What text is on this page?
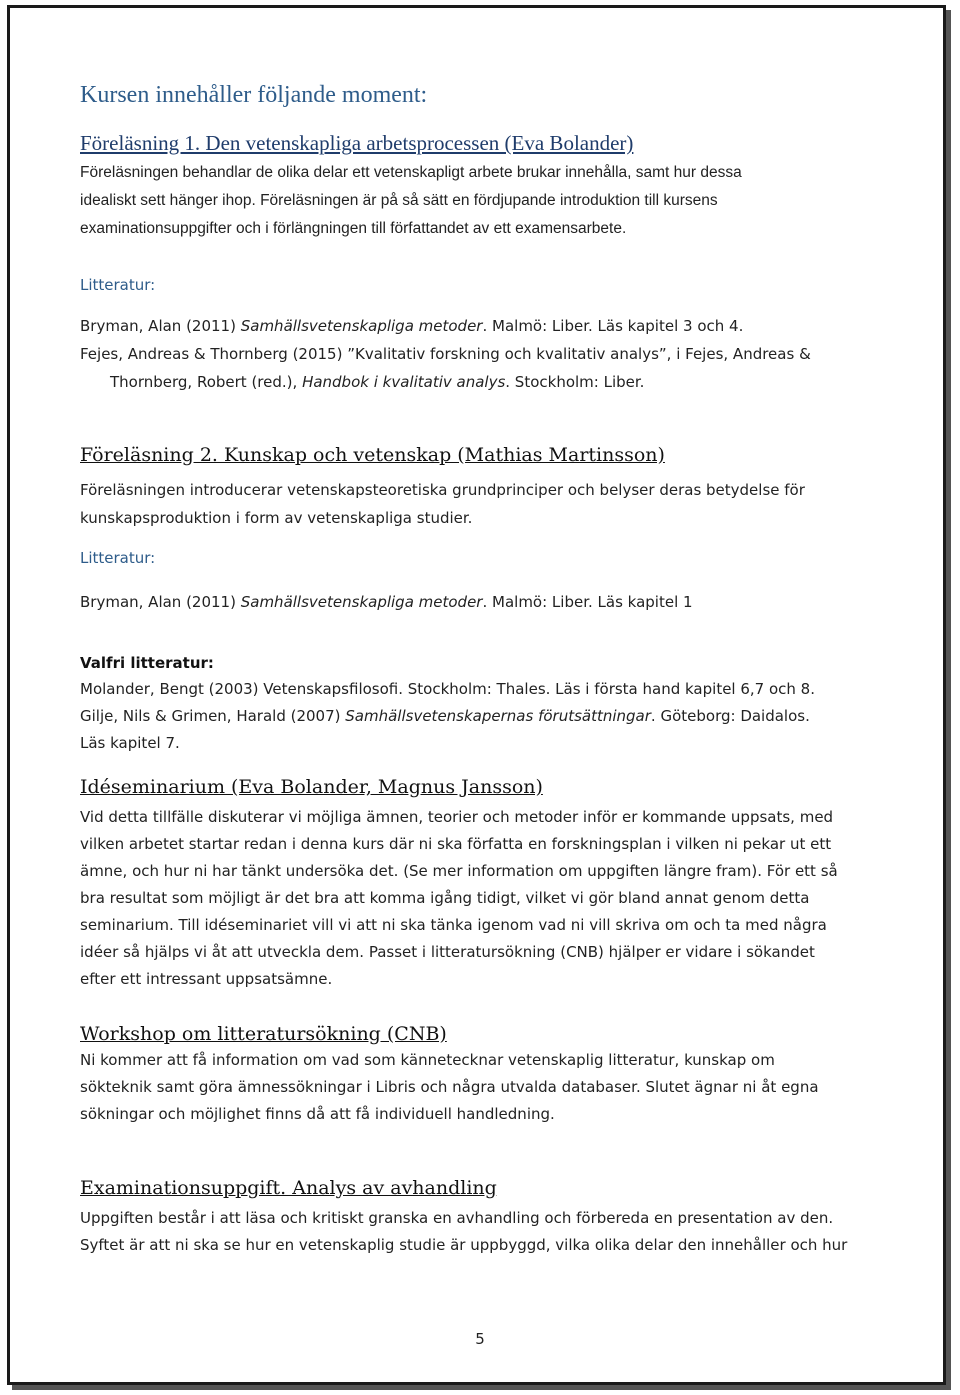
Kursen innehåller följande moment:
Föreläsning 1. Den vetenskapliga arbetsprocessen (Eva Bolander)
Föreläsningen behandlar de olika delar ett vetenskapligt arbete brukar innehålla, samt hur dessa
idealiskt sett hänger ihop. Föreläsningen är på så sätt en fördjupande introduktion till kursens
examinationsuppgifter och i förlängningen till författandet av ett examensarbete.
Litteratur:
Bryman, Alan (2011) Samhällsvetenskapliga metoder. Malmö: Liber. Läs kapitel 3 och 4.
Fejes, Andreas & Thornberg (2015) ”Kvalitativ forskning och kvalitativ analys”, i Fejes, Andreas &
Thornberg, Robert (red.), Handbok i kvalitativ analys. Stockholm: Liber.
Föreläsning 2. Kunskap och vetenskap (Mathias Martinsson)
Föreläsningen introducerar vetenskapsteoretiska grundprinciper och belyser deras betydelse för
kunskapsproduktion i form av vetenskapliga studier.
Litteratur:
Bryman, Alan (2011) Samhällsvetenskapliga metoder. Malmö: Liber. Läs kapitel 1
Valfri litteratur:
Molander, Bengt (2003) Vetenskapsfilosofi. Stockholm: Thales. Läs i första hand kapitel 6,7 och 8.
Gilje, Nils & Grimen, Harald (2007) Samhällsvetenskapernas förutsättningar. Göteborg: Daidalos.
Läs kapitel 7.
Idéseminarium (Eva Bolander, Magnus Jansson)
Vid detta tillfälle diskuterar vi möjliga ämnen, teorier och metoder inför er kommande uppsats, med
vilken arbetet startar redan i denna kurs där ni ska författa en forskningsplan i vilken ni pekar ut ett
ämne, och hur ni har tänkt undersöka det. (Se mer information om uppgiften längre fram). För ett så
bra resultat som möjligt är det bra att komma igång tidigt, vilket vi gör bland annat genom detta
seminarium. Till idéseminariet vill vi att ni ska tänka igenom vad ni vill skriva om och ta med några
idéer så hjälps vi åt att utveckla dem. Passet i litteratursökning (CNB) hjälper er vidare i sökandet
efter ett intressant uppsatsämne.
Workshop om litteratursökning (CNB)
Ni kommer att få information om vad som kännetecknar vetenskaplig litteratur, kunskap om
sökteknik samt göra ämnessökningar i Libris och några utvalda databaser. Slutet ägnar ni åt egna
sökningar och möjlighet finns då att få individuell handledning.
Examinationsuppgift. Analys av avhandling
Uppgiften består i att läsa och kritiskt granska en avhandling och förbereda en presentation av den.
Syftet är att ni ska se hur en vetenskaplig studie är uppbyggd, vilka olika delar den innehåller och hur
5
